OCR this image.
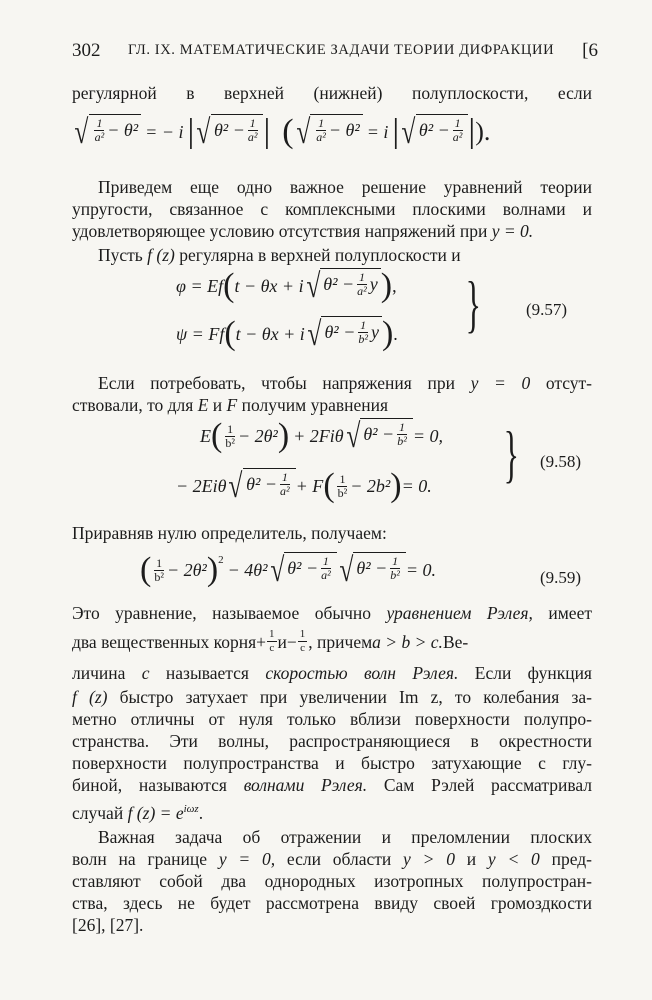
302 ГЛ. IX. МАТЕМАТИЧЕСКИЕ ЗАДАЧИ ТЕОРИИ ДИФРАКЦИИ [6
регулярной в верхней (нижней) полуплоскости, если
√ $\frac{1}{\text{a²}} - \theta^2$ = − i | √ $\theta^2 - \frac{1}{\text{a²}}$ | ( √ $\frac{1}{\text{a²}} - \theta^2 = i$ | √ $\theta^2 - \frac{1}{\text{a²}}$ | ).
Приведем еще одно важное решение уравнений теории
упругости, связанное с комплексными плоскими волнами и
удовлетворяющее условию отсутствия напряжений при y = 0.
Пусть f (z) регулярна в верхней полуплоскости и
φ = Ef ( t − θx + i √ $\theta^2 - \frac{1}{\text{a²}}$ y ) ,
ψ = Ff ( t − θx + i √ $\theta^2 - \frac{1}{\text{b²}}$ y ) . }	(9.57)
Если потребовать, чтобы напряжения при y = 0 отсут-
ствовали, то для E и F получим уравнения
E ( $\frac{1}{\text{b²}} - 2\theta^2$ ) + 2Fiθ √ $\theta^2 - \frac{1}{\text{b²}} = 0$,
− 2Eiθ √ $\theta^2 - \frac{1}{\text{a²}} + F$ ( $\frac{1}{\text{b²}} - 2b^2$ ) = 0. } (9.58)
Приравняв нулю определитель, получаем:
( $\frac{1}{\text{b²}} - 2\theta^2$ )$^2$ − 4θ² √ $\theta^2 - \frac{1}{\text{a²}}$ √ $\theta^2 - \frac{1}{\text{b²}} = 0$.	(9.59)
Это уравнение, называемое обычно уравнением Рэлея, имеет
два вещественных корня + $\frac{1}{c}$ $и - \frac{1}{c}$ , причем a > b > c. Ве-
личина c называется скоростью волн Рэлея. Если функция
f (z) быстро затухает при увеличении Im z, то колебания за-
метно отличны от нуля только вблизи поверхности полупро-
странства. Эти волны, распространяющиеся в окрестности
поверхности полупространства и быстро затухающие с глу-
биной, называются волнами Рэлея. Сам Рэлей рассматривал
случай f $(z) = e^{i\omega z}$.
Важная задача об отражении и преломлении плоских
волн на границе y = 0, если области y > 0 и y < 0 пред-
ставляют собой два однородных изотропных полупростран-
ства, здесь не будет рассмотрена ввиду своей громоздкости
[26], [27].
